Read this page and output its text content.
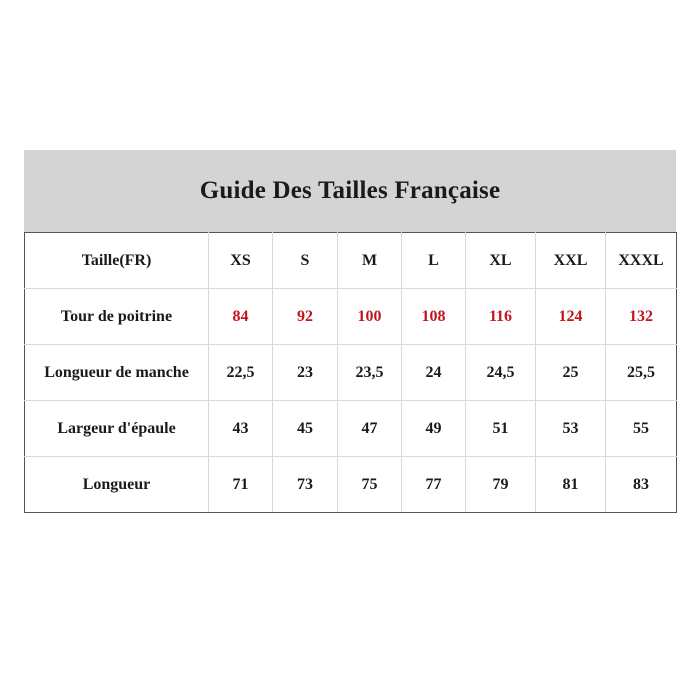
Guide Des Tailles Française
Taille(FR)	XS	S	M	L	XL	XXL	XXXL
Tour de poitrine	84	92	100	108	116	124	132
Longueur de manche	22,5	23	23,5	24	24,5	25	25,5
Largeur d'épaule	43	45	47	49	51	53	55
Longueur	71	73	75	77	79	81	83
